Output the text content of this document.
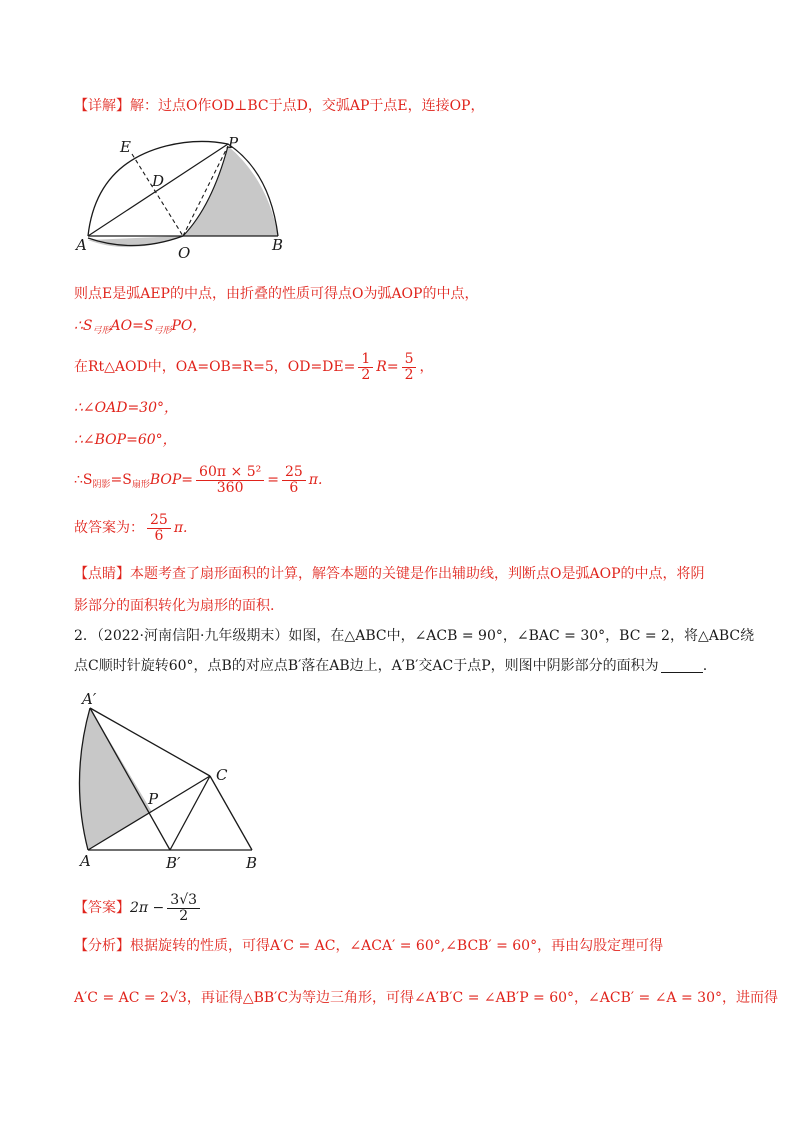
【详解】解：过点O作OD⊥BC于点D，交弧AP于点E，连接OP，
E	P
D
A	O	B
则点E是弧AEP的中点，由折叠的性质可得点O为弧AOP的中点，
$\therefore S_{弓形}AO=S_{弓形}PO$，
在Rt△AOD中，OA=OB=R=5，$OD=DE= \frac{1}{2} R= \frac{5}{2}$ ，
∴∠OAD=30°，
∴∠BOP=60°，
$\therefore S_{阴影}=S_{扇形}BOP= \frac{\text{60π × 5²}}{360} = \frac{25}{6} \pi$.
故答案为： $\frac{25}{6} \pi$.
【点睛】本题考查了扇形面积的计算，解答本题的关键是作出辅助线，判断点O是弧AOP的中点，将阴
影部分的面积转化为扇形的面积.
2．（2022·河南信阳·九年级期末）如图，在△ABC中，∠ACB = 90°，∠BAC = 30°，BC = 2，将△ABC绕
点C顺时针旋转60°，点B的对应点B′落在AB边上，A′B′交AC于点P，则图中阴影部分的面积为	.
A′
C
P
A	B′	B
【答案】$2\pi - \frac{3√3}{2}$
【分析】根据旋转的性质，可得A′C = AC，∠ACA′ = 60°,∠BCB′ = 60°，再由勾股定理可得
A′C = AC = 2√3，再证得△BB′C为等边三角形，可得∠A′B′C = ∠AB′P = 60°，∠ACB′ = ∠A = 30°，进而得
